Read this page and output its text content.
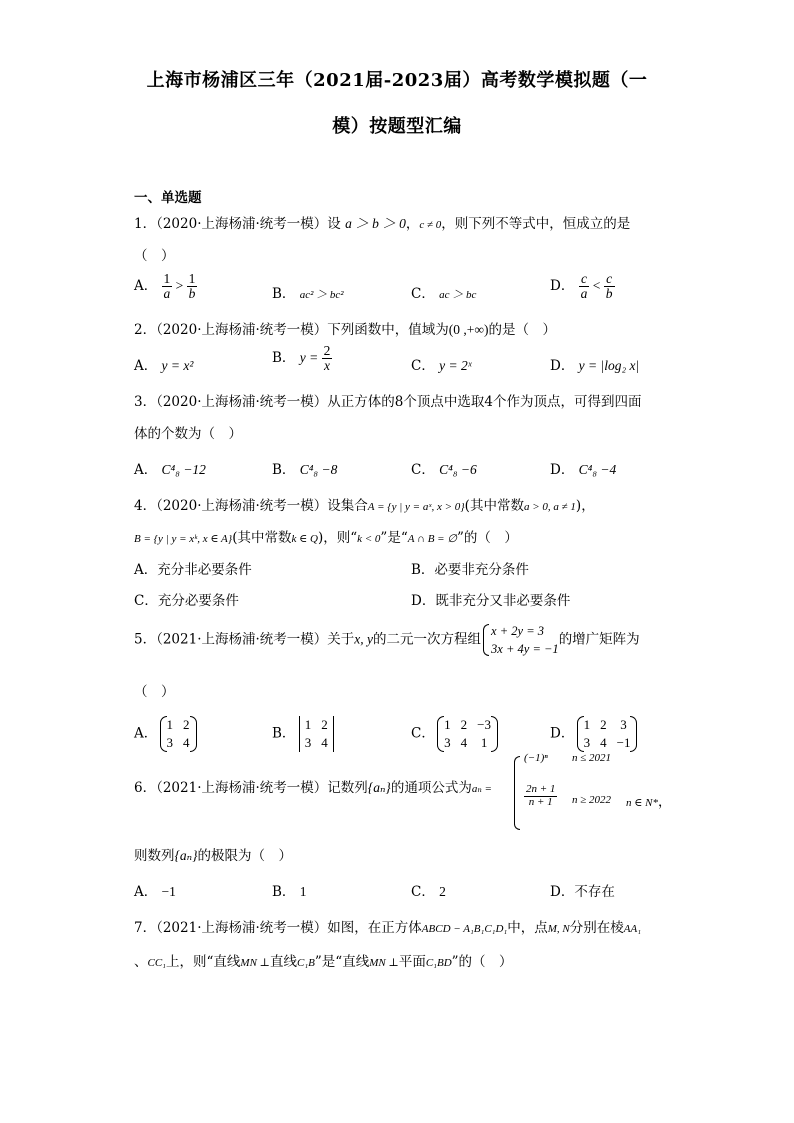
上海市杨浦区三年（2021届-2023届）高考数学模拟题（一
模）按题型汇编
一、单选题
1．（2020·上海杨浦·统考一模）设 a ＞ b ＞ 0，c ≠ 0，则下列不等式中，恒成立的是
（　）
A． $\frac{1}{a} > \frac{1}{b}$	B． ac² ＞ bc²	C． ac ＞ bc
D． $\frac{c}{a} < \frac{c}{b}$
2．（2020·上海杨浦·统考一模）下列函数中，值域为(0 ,+∞)的是（　）
A． y = x²	B． $y = \frac{2}{x}$	C． y = 2ˣ	D． y = |log₂ x|
3．（2020·上海杨浦·统考一模）从正方体的8个顶点中选取4个作为顶点，可得到四面
体的个数为（　）
A． C⁴₈ −12	B． C⁴₈ −8	C． C⁴₈ −6	D． C⁴₈ −4
4．（2020·上海杨浦·统考一模）设集合A = {y | y = aˣ, x > 0}(其中常数a > 0, a ≠ 1)，
B = {y | y = xᵏ, x ∈ A}(其中常数k ∈ Q)，则“k < 0”是“A ∩ B = ∅”的（　）
A．充分非必要条件	B．必要非充分条件
C．充分必要条件	D．既非充分又非必要条件
5．（2021·上海杨浦·统考一模）关于x, y的二元一次方程组
x + 2y = 3
3x + 4y = −1
的增广矩阵为
（　）
A．
1	2
3	4
B．
1	2
3	4
C．
1	2	−3
3	4	1
D．
1	2	3
3	4	−1
6．（2021·上海杨浦·统考一模）记数列{aₙ}的通项公式为aₙ =
(−1)ⁿ n ≤ 2021
$\frac{2n + 1}{n + 1}$ n ≥ 2022 n ∈ N*，
则数列{aₙ}的极限为（　）
A． −1	B． 1	C． 2	D．不存在
7．（2021·上海杨浦·统考一模）如图，在正方体ABCD − A₁B₁C₁D₁中，点M, N分别在棱AA₁
、CC₁上，则“直线MN ⊥直线C₁B”是“直线MN ⊥平面C₁BD”的（　）
